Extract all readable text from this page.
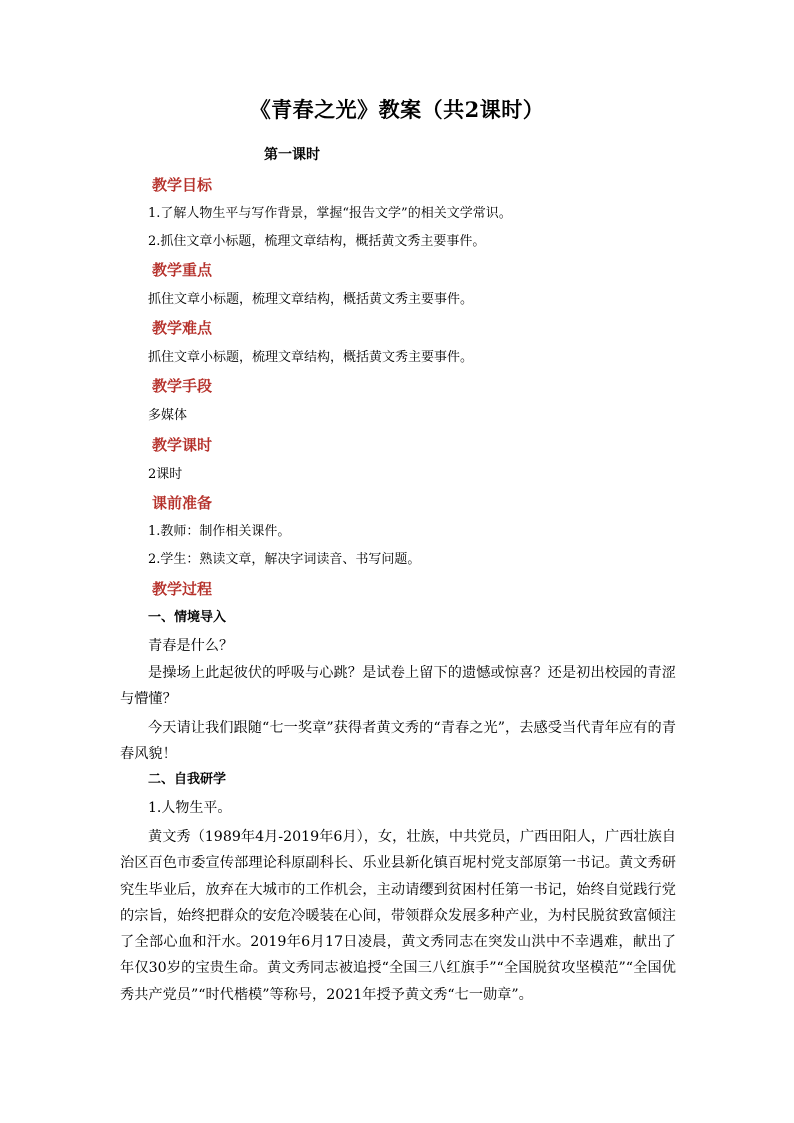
《青春之光》教案（共2课时）

第一课时

教学目标

1.了解人物生平与写作背景，掌握“报告文学”的相关文学常识。

2.抓住文章小标题，梳理文章结构，概括黄文秀主要事件。

教学重点

抓住文章小标题，梳理文章结构，概括黄文秀主要事件。

教学难点

抓住文章小标题，梳理文章结构，概括黄文秀主要事件。

教学手段

多媒体

教学课时

2课时

课前准备

1.教师：制作相关课件。

2.学生：熟读文章，解决字词读音、书写问题。

教学过程

一、情境导入

青春是什么？

是操场上此起彼伏的呼吸与心跳？是试卷上留下的遗憾或惊喜？还是初出校园的青涩与懵懂？

今天请让我们跟随“七一奖章”获得者黄文秀的“青春之光”，去感受当代青年应有的青春风貌！

二、自我研学

1.人物生平。

黄文秀（1989年4月-2019年6月），女，壮族，中共党员，广西田阳人，广西壮族自治区百色市委宣传部理论科原副科长、乐业县新化镇百坭村党支部原第一书记。黄文秀研究生毕业后，放弃在大城市的工作机会，主动请缨到贫困村任第一书记，始终自觉践行党的宗旨，始终把群众的安危冷暖装在心间，带领群众发展多种产业，为村民脱贫致富倾注了全部心血和汗水。2019年6月17日凌晨，黄文秀同志在突发山洪中不幸遇难，献出了年仅30岁的宝贵生命。黄文秀同志被追授“全国三八红旗手”“全国脱贫攻坚模范”“全国优秀共产党员”“时代楷模”等称号，2021年授予黄文秀“七一勋章”。
